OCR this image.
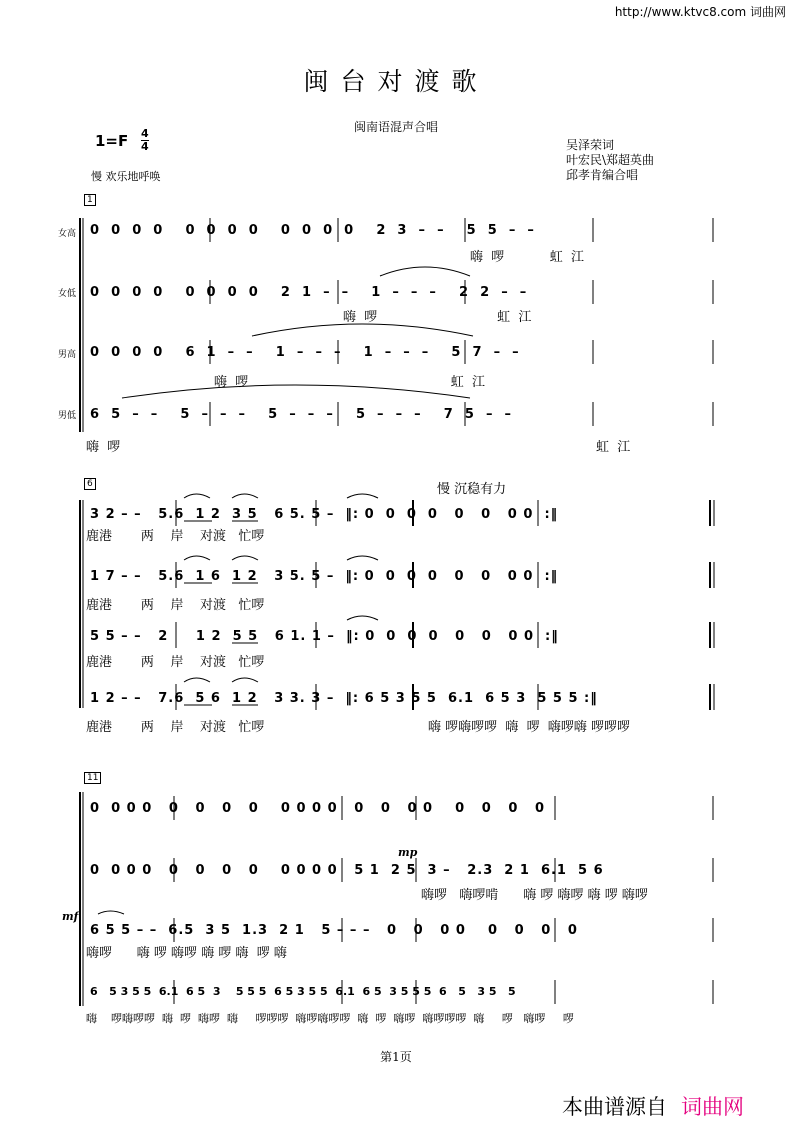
http://www.ktvc8.com 词曲网
闽台对渡歌
闽南语混声合唱
吴泽荣词
叶宏民\郑超英曲
邱孝肯编合唱
1=F 4
4
慢 欢乐地呼唤
1
女高
女低
男高
男低
0  0  0  0    0  0  0  0    0  0  0  0    2  3  –  –    5  5  –  –
嗨  啰           虹  江
0  0  0  0    0  0  0  0    2  1  –  –    1  –  –  –    2  2  –  –
嗨  啰                             虹  江
0  0  0  0    6  1  –  –    1  –  –  –    1  –  –  –    5  7  –  –
嗨  啰                                                 虹  江
6  5  –  –    5  –  –  –    5  –  –  –    5  –  –  –    7  5  –  –
嗨  啰	虹  江
6	慢 沉稳有力
3 2 – –   5.6  1 2  3 5   6 5. 5 –  ‖: 0  0  0  0   0   0   0 0  :‖
鹿港       两    岸    对渡   忙啰
1 7 – –   5.6  1 6  1 2   3 5. 5 –  ‖: 0  0  0  0   0   0   0 0  :‖
鹿港       两    岸    对渡   忙啰
5 5 – –   2     1 2  5 5   6 1. 1 –  ‖: 0  0  0  0   0   0   0 0  :‖
鹿港       两    岸    对渡   忙啰
1 2 – –   7.6  5 6  1 2   3 3. 3 –  ‖: 6 5 3 5 5  6.1  6 5 3  5 5 5 :‖
鹿港       两    岸    对渡   忙啰	嗨 啰嗨啰啰  嗨  啰  嗨啰嗨 啰啰啰
11
mp
mf
0  0 0 0   0   0   0   0    0 0 0 0   0   0   0 0    0   0   0   0
0  0 0 0   0   0   0   0    0 0 0 0   5 1  2 5  3 –   2.3  2 1  6.1  5 6
嗨啰   嗨啰啃      嗨 啰 嗨啰 嗨 啰 嗨啰
6 5 5 – –  6.5  3 5  1.3  2 1   5 – – –   0   0   0 0    0   0   0   0
嗨啰      嗨 啰 嗨啰 嗨 啰 嗨  啰 嗨
6   5 3 5 5  6.1  6 5  3    5 5 5  6 5 3 5 5  6.1  6 5  3 5 5 5  6   5   3 5   5
嗨    啰嗨啰啰  嗨  啰  嗨啰  嗨     啰啰啰  嗨啰嗨啰啰  嗨  啰  嗨啰  嗨啰啰啰  嗨     啰   嗨啰     啰
第1页
本曲谱源自 词曲网
